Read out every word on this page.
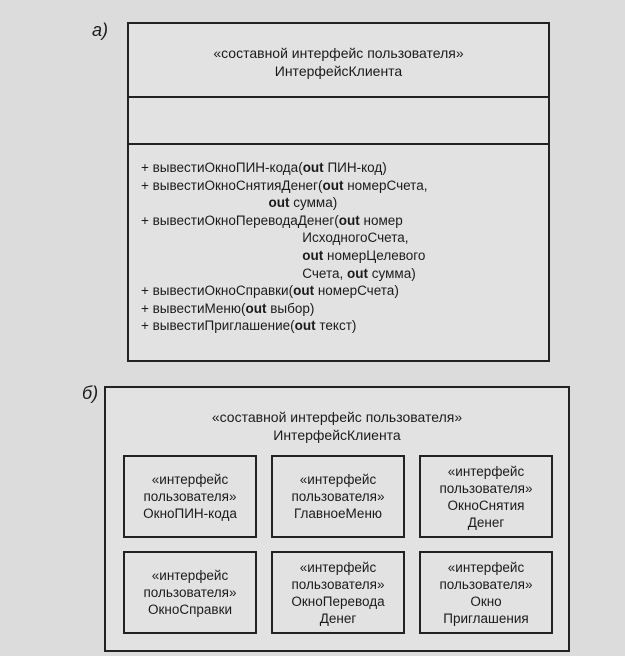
а)
«составной интерфейс пользователя»
ИнтерфейсКлиента
+ вывестиОкноПИН-кода(out ПИН-код)
+ вывестиОкноСнятияДенег(out номерСчета,
out сумма)
+ вывестиОкноПереводаДенег(out номер
ИсходногоСчета,
out номерЦелевого
Счета, out сумма)
+ вывестиОкноСправки(out номерСчета)
+ вывестиМеню(out выбор)
+ вывестиПриглашение(out текст)
б)
«составной интерфейс пользователя»
ИнтерфейсКлиента
«интерфейс
пользователя»
ОкноПИН-кода
«интерфейс
пользователя»
ГлавноеМеню
«интерфейс
пользователя»
ОкноСнятия
Денег
«интерфейс
пользователя»
ОкноСправки
«интерфейс
пользователя»
ОкноПеревода
Денег
«интерфейс
пользователя»
Окно
Приглашения
